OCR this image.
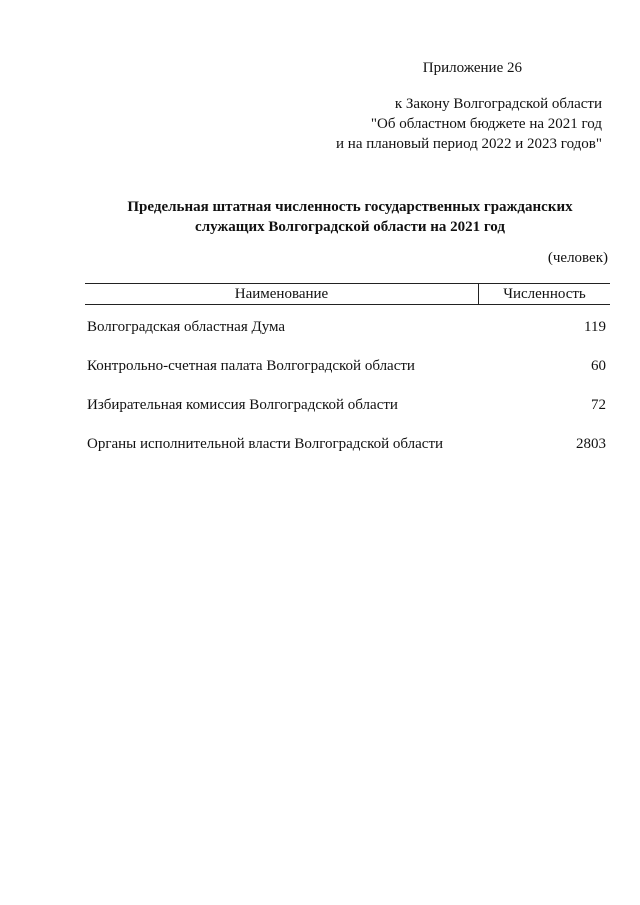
Приложение 26
к Закону Волгоградской области
"Об областном бюджете на 2021 год
и на плановый период 2022 и 2023 годов"
Предельная штатная численность государственных гражданских
служащих Волгоградской области на 2021 год
(человек)
Наименование	Численность
Волгоградская областная Дума	119
Контрольно-счетная палата Волгоградской области	60
Избирательная комиссия Волгоградской области	72
Органы исполнительной власти Волгоградской области	2803
